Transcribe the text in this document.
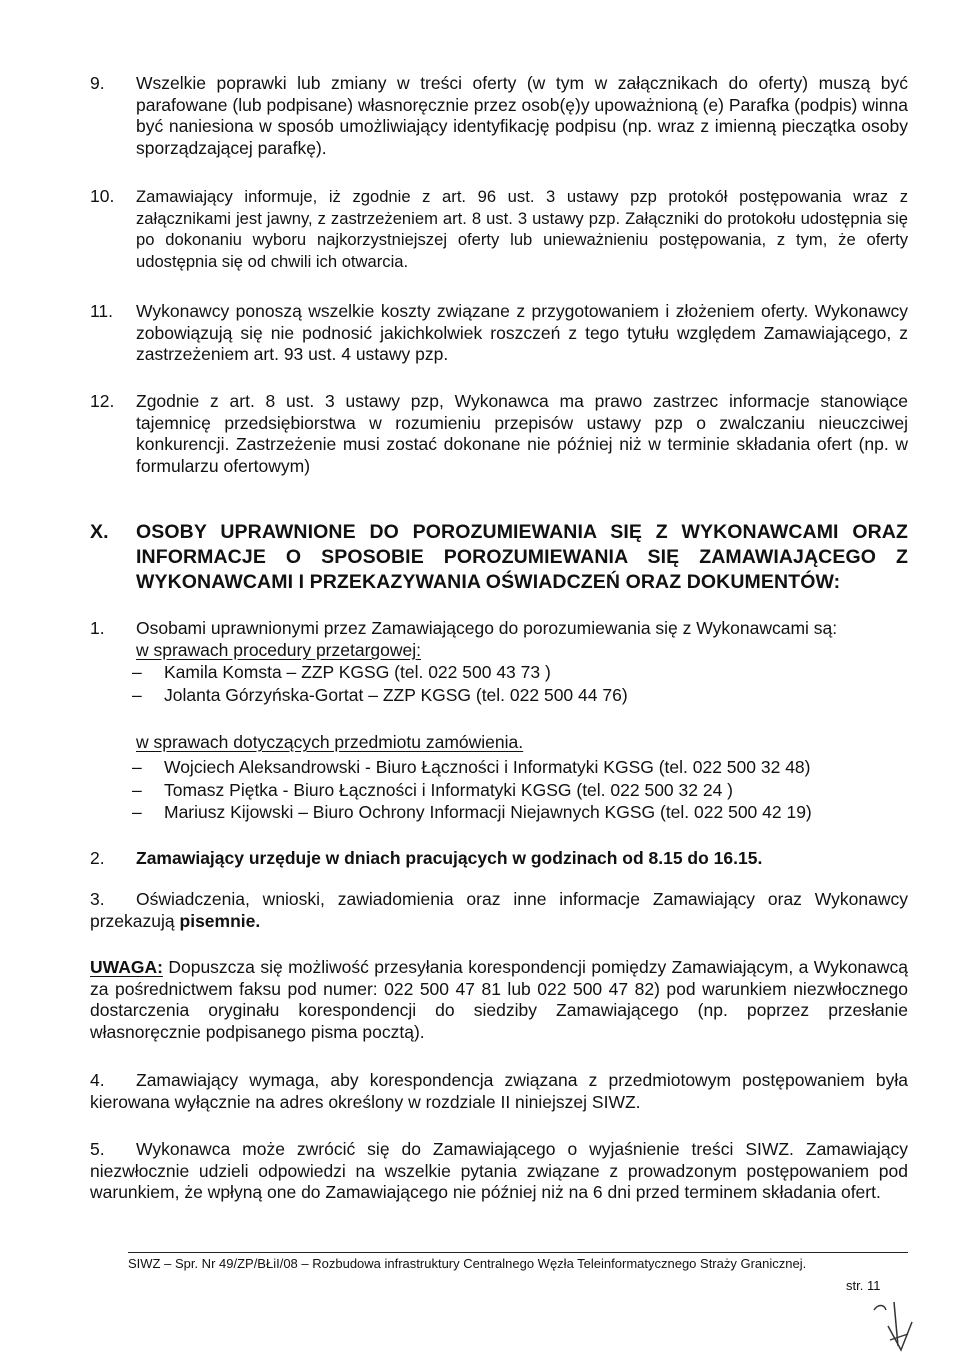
9. Wszelkie poprawki lub zmiany w treści oferty (w tym w załącznikach do oferty) muszą być parafowane (lub podpisane) własnoręcznie przez osob(ę)y upoważnioną (e) Parafka (podpis) winna być naniesiona w sposób umożliwiający identyfikację podpisu (np. wraz z imienną pieczątka osoby sporządzającej parafkę).
10. Zamawiający informuje, iż zgodnie z art. 96 ust. 3 ustawy pzp protokół postępowania wraz z załącznikami jest jawny, z zastrzeżeniem art. 8 ust. 3 ustawy pzp. Załączniki do protokołu udostępnia się po dokonaniu wyboru najkorzystniejszej oferty lub unieważnieniu postępowania, z tym, że oferty udostępnia się od chwili ich otwarcia.
11. Wykonawcy ponoszą wszelkie koszty związane z przygotowaniem i złożeniem oferty. Wykonawcy zobowiązują się nie podnosić jakichkolwiek roszczeń z tego tytułu względem Zamawiającego, z zastrzeżeniem art. 93 ust. 4 ustawy pzp.
12. Zgodnie z art. 8 ust. 3 ustawy pzp, Wykonawca ma prawo zastrzec informacje stanowiące tajemnicę przedsiębiorstwa w rozumieniu przepisów ustawy pzp o zwalczaniu nieuczciwej konkurencji. Zastrzeżenie musi zostać dokonane nie później niż w terminie składania ofert (np. w formularzu ofertowym)
X. OSOBY UPRAWNIONE DO POROZUMIEWANIA SIĘ Z WYKONAWCAMI ORAZ INFORMACJE O SPOSOBIE POROZUMIEWANIA SIĘ ZAMAWIAJĄCEGO Z WYKONAWCAMI I PRZEKAZYWANIA OŚWIADCZEŃ ORAZ DOKUMENTÓW:
1. Osobami uprawnionymi przez Zamawiającego do porozumiewania się z Wykonawcami są:
w sprawach procedury przetargowej:
– Kamila Komsta – ZZP KGSG (tel. 022 500 43 73 )
– Jolanta Górzyńska-Gortat – ZZP KGSG (tel. 022 500 44 76)
w sprawach dotyczących przedmiotu zamówienia.
– Wojciech Aleksandrowski - Biuro Łączności i Informatyki KGSG (tel. 022 500 32 48)
– Tomasz Piętka - Biuro Łączności i Informatyki KGSG (tel. 022 500 32 24 )
– Mariusz Kijowski – Biuro Ochrony Informacji Niejawnych KGSG (tel. 022 500 42 19)
2. Zamawiający urzęduje w dniach pracujących w godzinach od 8.15 do 16.15.
3.	Oświadczenia, wnioski, zawiadomienia oraz inne informacje Zamawiający oraz Wykonawcy przekazują pisemnie.
UWAGA: Dopuszcza się możliwość przesyłania korespondencji pomiędzy Zamawiającym, a Wykonawcą za pośrednictwem faksu pod numer: 022 500 47 81 lub 022 500 47 82) pod warunkiem niezwłocznego dostarczenia oryginału korespondencji do siedziby Zamawiającego (np. poprzez przesłanie własnoręcznie podpisanego pisma pocztą).
4. Zamawiający wymaga, aby korespondencja związana z przedmiotowym postępowaniem była kierowana wyłącznie na adres określony w rozdziale II niniejszej SIWZ.
5. Wykonawca może zwrócić się do Zamawiającego o wyjaśnienie treści SIWZ. Zamawiający niezwłocznie udzieli odpowiedzi na wszelkie pytania związane z prowadzonym postępowaniem pod warunkiem, że wpłyną one do Zamawiającego nie później niż na 6 dni przed terminem składania ofert.
SIWZ – Spr. Nr 49/ZP/BŁiI/08 – Rozbudowa infrastruktury Centralnego Węzła Teleinformatycznego Straży Granicznej.
str. 11
